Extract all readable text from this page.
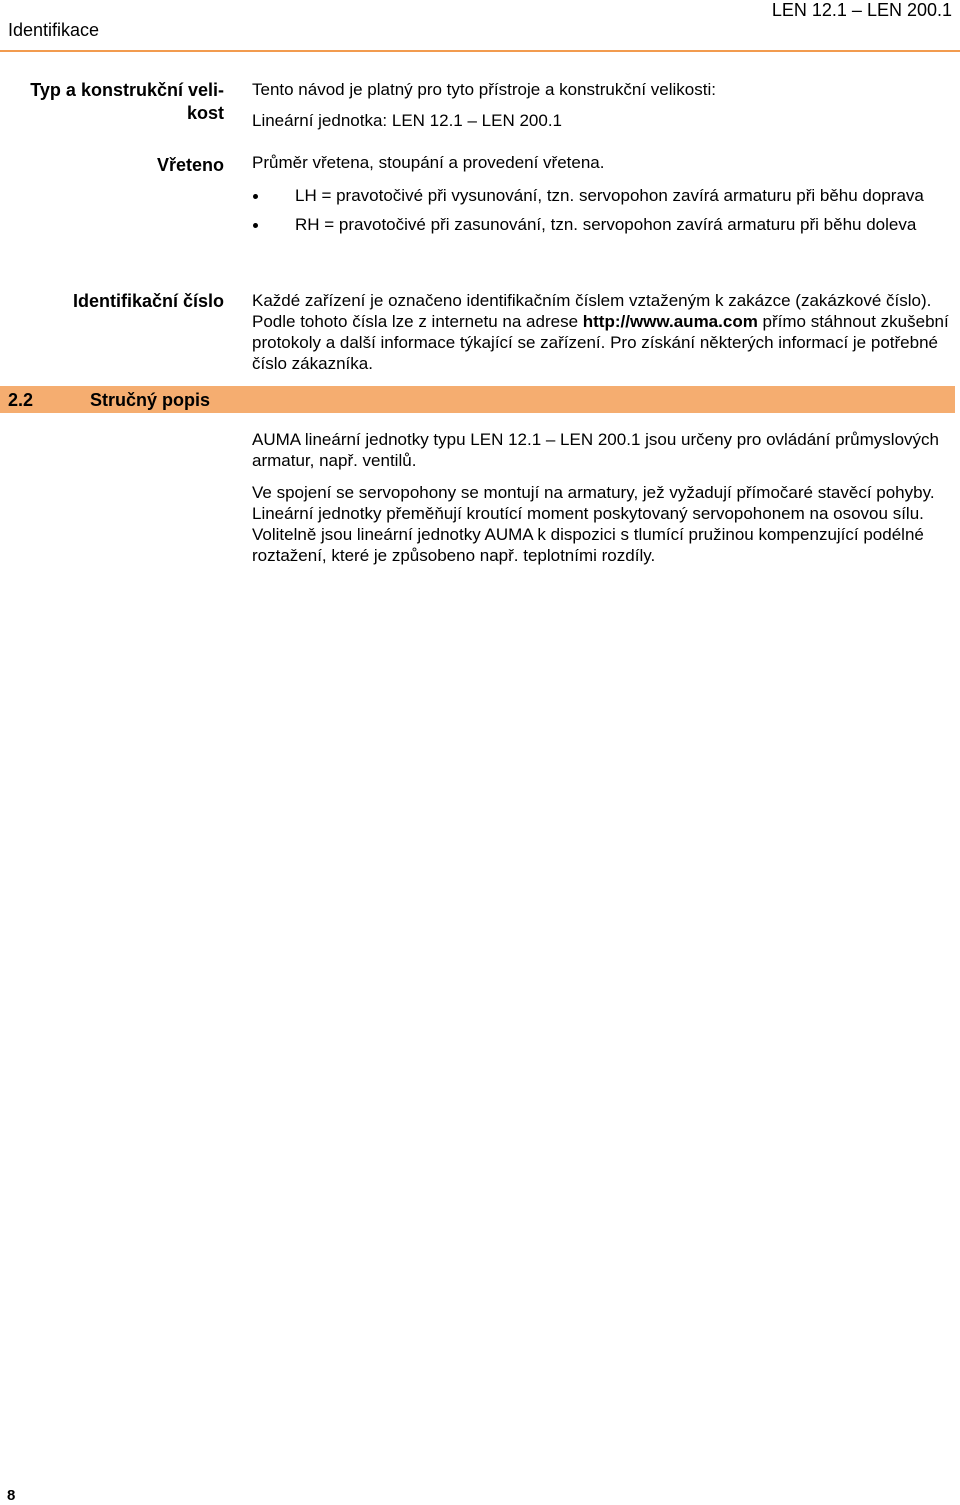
Identifikace
LEN 12.1 – LEN 200.1
Typ a konstrukční veli-
kost

Tento návod je platný pro tyto přístroje a konstrukční velikosti:

Lineární jednotka: LEN 12.1 – LEN 200.1

Vřeteno Průměr vřetena, stoupání a provedení vřetena.
LH = pravotočivé při vysunování, tzn. servopohon zavírá armaturu při běhu doprava
RH = pravotočivé při zasunování, tzn. servopohon zavírá armaturu při běhu doleva
Identifikační číslo Každé zařízení je označeno identifikačním číslem vztaženým k zakázce (zakázkové číslo). Podle tohoto čísla lze z internetu na adrese http://www.auma.com přímo stáhnout zkušební protokoly a další informace týkající se zařízení. Pro získání některých informací je potřebné číslo zákazníka.
2.2	Stručný popis

AUMA lineární jednotky typu LEN 12.1 – LEN 200.1 jsou určeny pro ovládání průmyslových armatur, např. ventilů.

Ve spojení se servopohony se montují na armatury, jež vyžadují přímočaré stavěcí pohyby. Lineární jednotky přeměňují kroutící moment poskytovaný servopohonem na osovou sílu. Volitelně jsou lineární jednotky AUMA k dispozici s tlumící pružinou kompenzující podélné roztažení, které je způsobeno např. teplotními rozdíly.

8
